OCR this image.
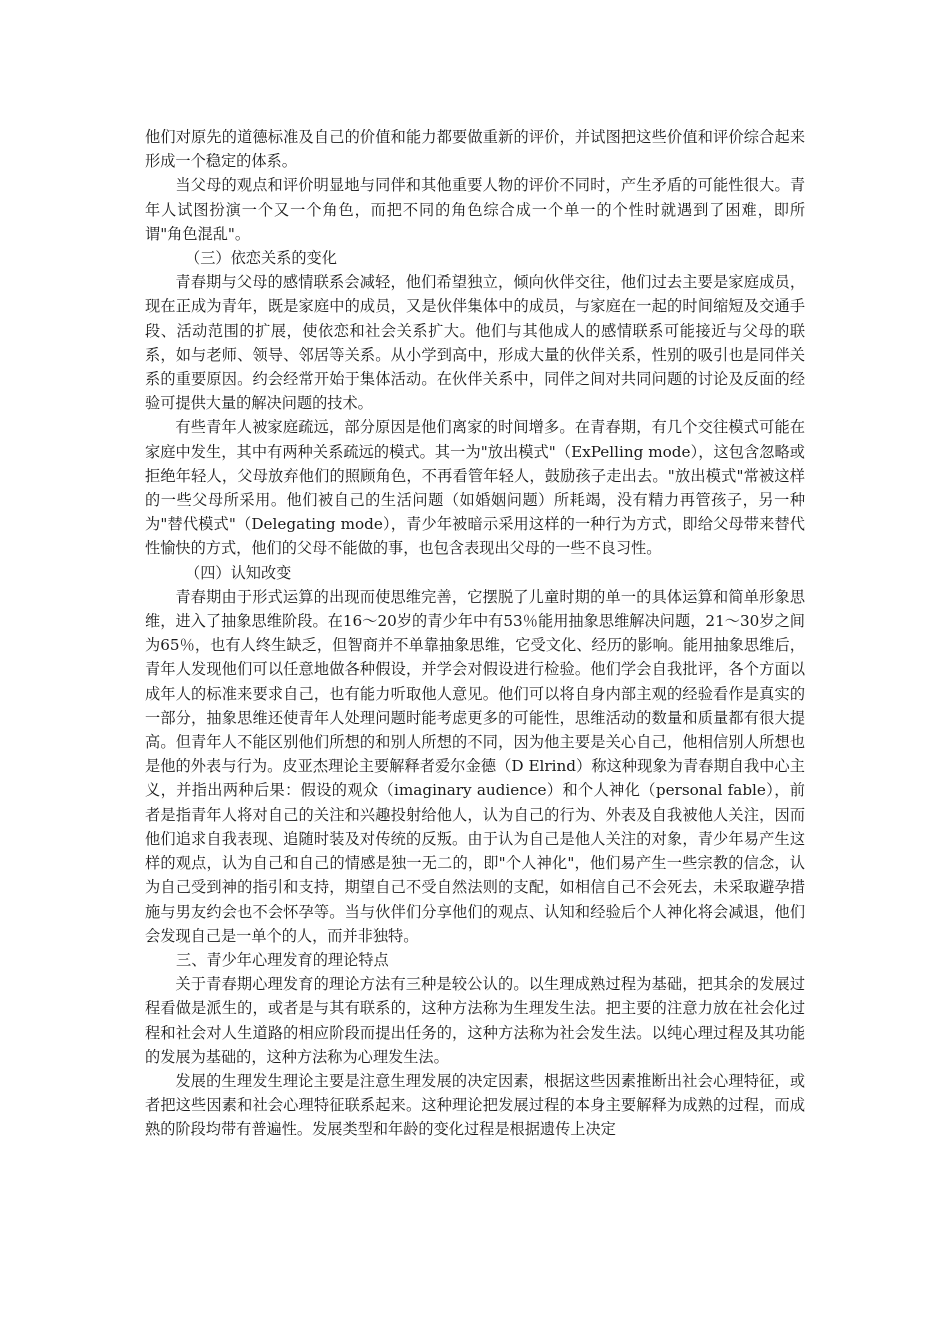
他们对原先的道德标准及自己的价值和能力都要做重新的评价，并试图把这些价值和评价综合起来形成一个稳定的体系。

当父母的观点和评价明显地与同伴和其他重要人物的评价不同时，产生矛盾的可能性很大。青年人试图扮演一个又一个角色，而把不同的角色综合成一个单一的个性时就遇到了困难，即所谓"角色混乱"。

（三）依恋关系的变化

青春期与父母的感情联系会减轻，他们希望独立，倾向伙伴交往，他们过去主要是家庭成员，现在正成为青年，既是家庭中的成员，又是伙伴集体中的成员，与家庭在一起的时间缩短及交通手段、活动范围的扩展，使依恋和社会关系扩大。他们与其他成人的感情联系可能接近与父母的联系，如与老师、领导、邻居等关系。从小学到高中，形成大量的伙伴关系，性别的吸引也是同伴关系的重要原因。约会经常开始于集体活动。在伙伴关系中，同伴之间对共同问题的讨论及反面的经验可提供大量的解决问题的技术。

有些青年人被家庭疏远，部分原因是他们离家的时间增多。在青春期，有几个交往模式可能在家庭中发生，其中有两种关系疏远的模式。其一为"放出模式"（ExPelling mode），这包含忽略或拒绝年轻人，父母放弃他们的照顾角色，不再看管年轻人，鼓励孩子走出去。"放出模式"常被这样的一些父母所采用。他们被自己的生活问题（如婚姻问题）所耗竭，没有精力再管孩子，另一种为"替代模式"（Delegating mode），青少年被暗示采用这样的一种行为方式，即给父母带来替代性愉快的方式，他们的父母不能做的事，也包含表现出父母的一些不良习性。

（四）认知改变

青春期由于形式运算的出现而使思维完善，它摆脱了儿童时期的单一的具体运算和简单形象思维，进入了抽象思维阶段。在16～20岁的青少年中有53％能用抽象思维解决问题，21～30岁之间为65％，也有人终生缺乏，但智商并不单靠抽象思维，它受文化、经历的影响。能用抽象思维后，青年人发现他们可以任意地做各种假设，并学会对假设进行检验。他们学会自我批评，各个方面以成年人的标准来要求自己，也有能力听取他人意见。他们可以将自身内部主观的经验看作是真实的一部分，抽象思维还使青年人处理问题时能考虑更多的可能性，思维活动的数量和质量都有很大提高。但青年人不能区别他们所想的和别人所想的不同，因为他主要是关心自己，他相信别人所想也是他的外表与行为。皮亚杰理论主要解释者爱尔金德（D Elrind）称这种现象为青春期自我中心主义，并指出两种后果：假设的观众（imaginary audience）和个人神化（personal fable），前者是指青年人将对自己的关注和兴趣投射给他人，认为自己的行为、外表及自我被他人关注，因而他们追求自我表现、追随时装及对传统的反叛。由于认为自己是他人关注的对象，青少年易产生这样的观点，认为自己和自己的情感是独一无二的，即"个人神化"，他们易产生一些宗教的信念，认为自己受到神的指引和支持，期望自己不受自然法则的支配，如相信自己不会死去，未采取避孕措施与男友约会也不会怀孕等。当与伙伴们分享他们的观点、认知和经验后个人神化将会减退，他们会发现自己是一单个的人，而并非独特。

三、青少年心理发育的理论特点

关于青春期心理发育的理论方法有三种是较公认的。以生理成熟过程为基础，把其余的发展过程看做是派生的，或者是与其有联系的，这种方法称为生理发生法。把主要的注意力放在社会化过程和社会对人生道路的相应阶段而提出任务的，这种方法称为社会发生法。以纯心理过程及其功能的发展为基础的，这种方法称为心理发生法。

发展的生理发生理论主要是注意生理发展的决定因素，根据这些因素推断出社会心理特征，或者把这些因素和社会心理特征联系起来。这种理论把发展过程的本身主要解释为成熟的过程，而成熟的阶段均带有普遍性。发展类型和年龄的变化过程是根据遗传上决定
